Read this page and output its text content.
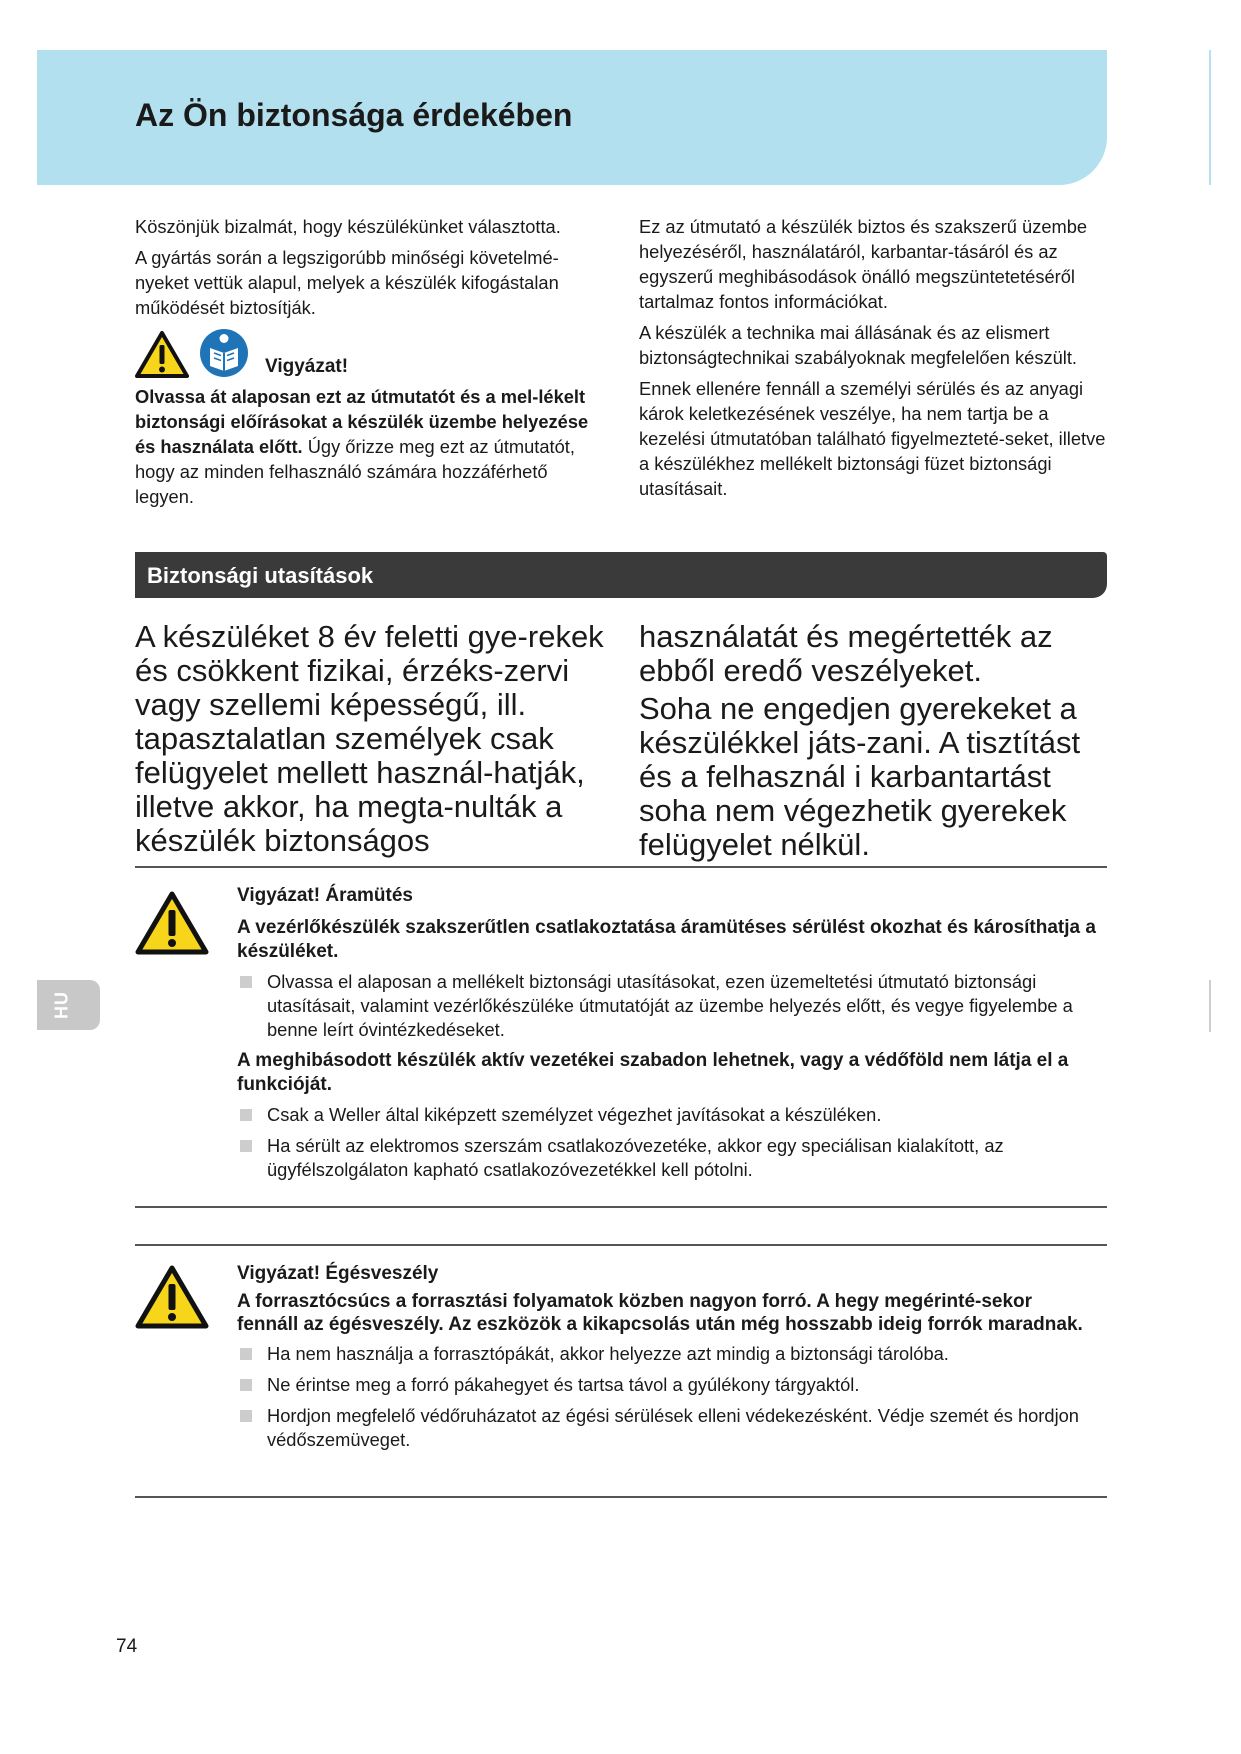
Az Ön biztonsága érdekében
HU

Köszönjük bizalmát, hogy készülékünket választotta.

A gyártás során a legszigorúbb minőségi követelmé-nyeket vettük alapul, melyek a készülék kifogástalan működését biztosítják.

Vigyázat!

Olvassa át alaposan ezt az útmutatót és a mel-lékelt biztonsági előírásokat a készülék üzembe helyezése és használata előtt. Úgy őrizze meg ezt az útmutatót, hogy az minden felhasználó számára hozzáférhető legyen.

Ez az útmutató a készülék biztos és szakszerű üzembe helyezéséről, használatáról, karbantar-tásáról és az egyszerű meghibásodások önálló megszüntetetéséről tartalmaz fontos információkat.

A készülék a technika mai állásának és az elismert biztonságtechnikai szabályoknak megfelelően készült.

Ennek ellenére fennáll a személyi sérülés és az anyagi károk keletkezésének veszélye, ha nem tartja be a kezelési útmutatóban található figyelmezteté-seket, illetve a készülékhez mellékelt biztonsági füzet biztonsági utasításait.

Biztonsági utasítások

A készüléket 8 év feletti gye-rekek és csökkent fizikai, érzéks-zervi vagy szellemi képességű, ill. tapasztalatlan személyek csak felügyelet mellett használ-hatják, illetve akkor, ha megta-nulták a készülék biztonságos

használatát és megértették az ebből eredő veszélyeket.

Soha ne engedjen gyerekeket a készülékkel játs-zani. A tisztítást és a felhasznál i karbantartást soha nem végezhetik gyerekek felügyelet nélkül.

Vigyázat! Áramütés

A vezérlőkészülék szakszerűtlen csatlakoztatása áramütéses sérülést okozhat és károsíthatja a készüléket.

Olvassa el alaposan a mellékelt biztonsági utasításokat, ezen üzemeltetési útmutató biztonsági utasításait, valamint vezérlőkészüléke útmutatóját az üzembe helyezés előtt, és vegye figyelembe a benne leírt óvintézkedéseket.

A meghibásodott készülék aktív vezetékei szabadon lehetnek, vagy a védőföld nem látja el a funkcióját.

Csak a Weller által kiképzett személyzet végezhet javításokat a készüléken.
Ha sérült az elektromos szerszám csatlakozóvezetéke, akkor egy speciálisan kialakított, az ügyfélszolgálaton kapható csatlakozóvezetékkel kell pótolni.

Vigyázat! Égésveszély

A forrasztócsúcs a forrasztási folyamatok közben nagyon forró. A hegy megérinté-sekor fennáll az égésveszély. Az eszközök a kikapcsolás után még hosszabb ideig forrók maradnak.

Ha nem használja a forrasztópákát, akkor helyezze azt mindig a biztonsági tárolóba.
Ne érintse meg a forró pákahegyet és tartsa távol a gyúlékony tárgyaktól.
Hordjon megfelelő védőruházatot az égési sérülések elleni védekezésként. Védje szemét és hordjon védőszemüveget.
74
